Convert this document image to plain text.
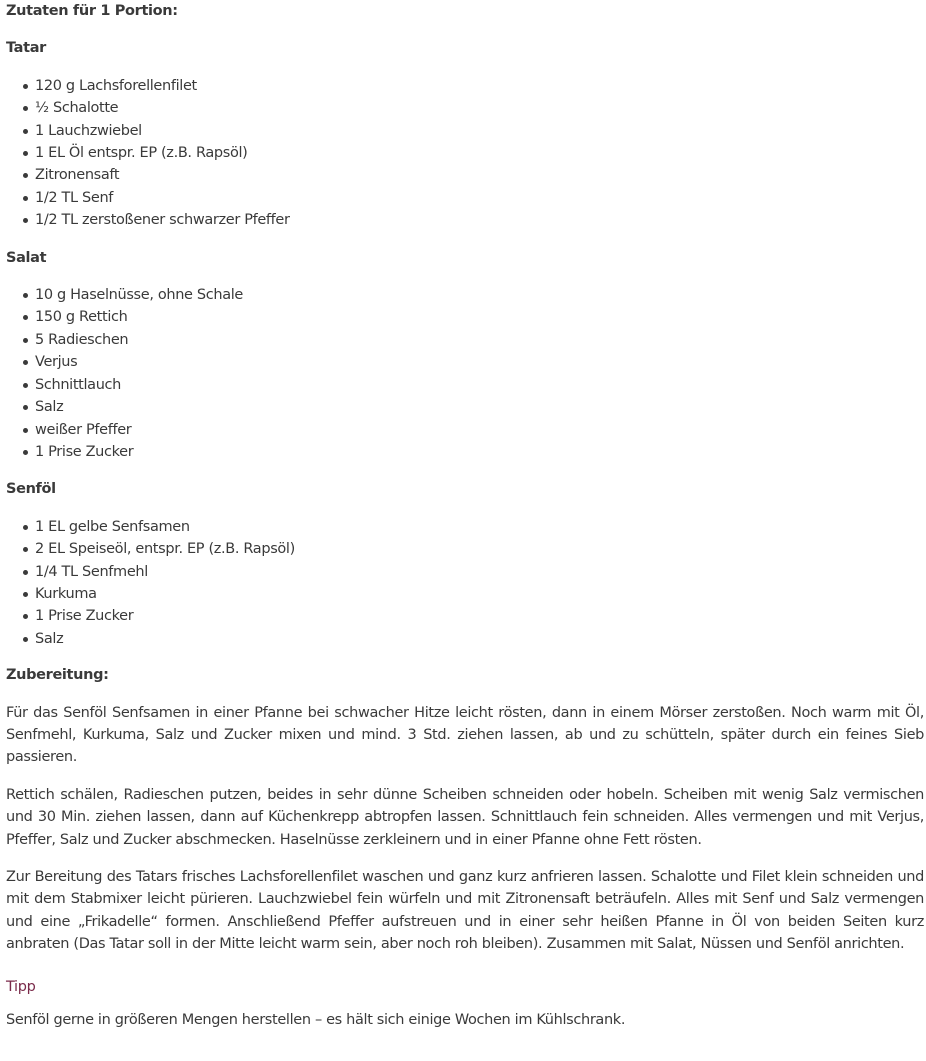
Zutaten für 1 Portion:
Tatar
120 g Lachsforellenfilet
½ Schalotte
1 Lauchzwiebel
1 EL Öl entspr. EP (z.B. Rapsöl)
Zitronensaft
1/2 TL Senf
1/2 TL zerstoßener schwarzer Pfeffer
Salat
10 g Haselnüsse, ohne Schale
150 g Rettich
5 Radieschen
Verjus
Schnittlauch
Salz
weißer Pfeffer
1 Prise Zucker
Senföl
1 EL gelbe Senfsamen
2 EL Speiseöl, entspr. EP (z.B. Rapsöl)
1/4 TL Senfmehl
Kurkuma
1 Prise Zucker
Salz
Zubereitung:

Für das Senföl Senfsamen in einer Pfanne bei schwacher Hitze leicht rösten, dann in einem Mörser zerstoßen. Noch warm mit Öl, Senfmehl, Kurkuma, Salz und Zucker mixen und mind. 3 Std. ziehen lassen, ab und zu schütteln, später durch ein feines Sieb passieren.

Rettich schälen, Radieschen putzen, beides in sehr dünne Scheiben schneiden oder hobeln. Scheiben mit wenig Salz vermischen und 30 Min. ziehen lassen, dann auf Küchenkrepp abtropfen lassen. Schnittlauch fein schneiden. Alles vermengen und mit Verjus, Pfeffer, Salz und Zucker abschmecken. Haselnüsse zerkleinern und in einer Pfanne ohne Fett rösten.

Zur Bereitung des Tatars frisches Lachsforellenfilet waschen und ganz kurz anfrieren lassen. Schalotte und Filet klein schneiden und mit dem Stabmixer leicht pürieren. Lauchzwiebel fein würfeln und mit Zitronensaft beträufeln. Alles mit Senf und Salz vermengen und eine „Frikadelle“ formen. Anschließend Pfeffer aufstreuen und in einer sehr heißen Pfanne in Öl von beiden Seiten kurz anbraten (Das Tatar soll in der Mitte leicht warm sein, aber noch roh bleiben). Zusammen mit Salat, Nüssen und Senföl anrichten.

Tipp

Senföl gerne in größeren Mengen herstellen – es hält sich einige Wochen im Kühlschrank.
